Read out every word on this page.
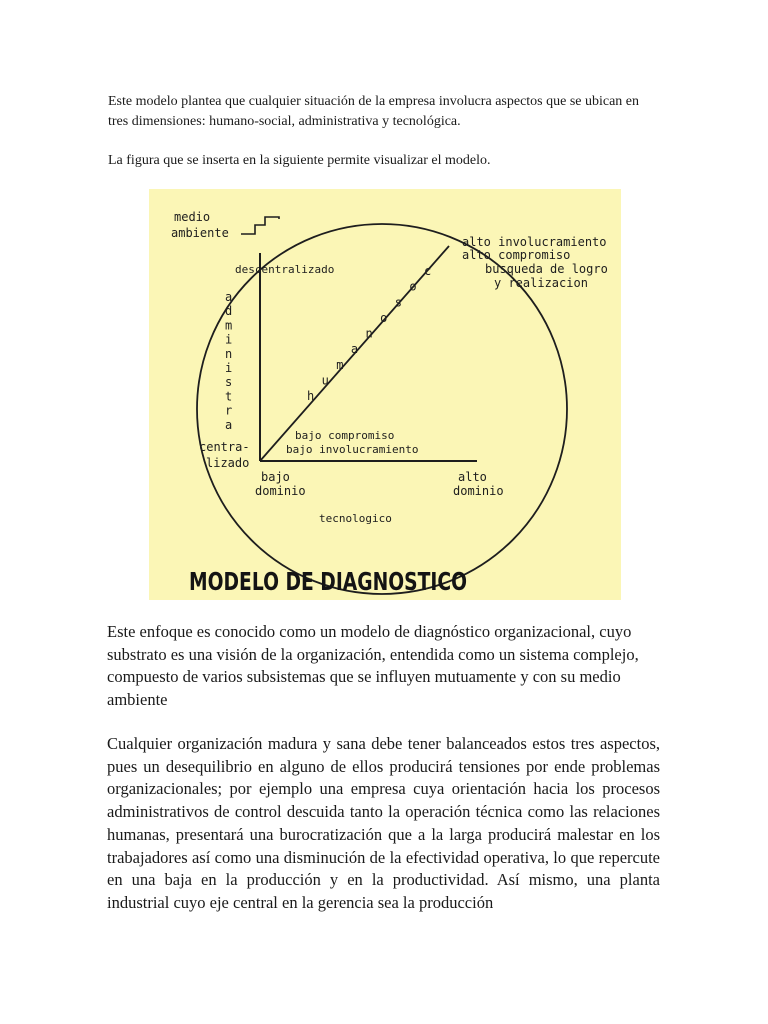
Este modelo plantea que cualquier situación de la empresa involucra aspectos que se ubican en tres dimensiones: humano-social, administrativa y tecnológica.

La figura que se inserta en la siguiente permite visualizar el modelo.

medio
ambiente
alto involucramiento
alto compromiso
busqueda de logro
y realizacion
descentralizado
a
d
m
i
n
i
s
t
r
a
h
u
m
a
n
o
s
o
c
centra-
lizado
bajo compromiso
bajo involucramiento
bajo
dominio
alto
dominio
tecnologico
MODELO DE DIAGNOSTICO

Este enfoque es conocido como un modelo de diagnóstico organizacional, cuyo substrato es una visión de la organización, entendida como un sistema complejo, compuesto de varios subsistemas que se influyen mutuamente y con su medio ambiente

Cualquier organización madura y sana debe tener balanceados estos tres aspectos, pues un desequilibrio en alguno de ellos producirá tensiones por ende problemas organizacionales; por ejemplo una empresa cuya orientación hacia los procesos administrativos de control descuida tanto la operación técnica como las relaciones humanas, presentará una burocratización que a la larga producirá malestar en los trabajadores así como una disminución de la efectividad operativa, lo que repercute en una baja en la producción y en la productividad. Así mismo, una planta industrial cuyo eje central en la gerencia sea la producción
